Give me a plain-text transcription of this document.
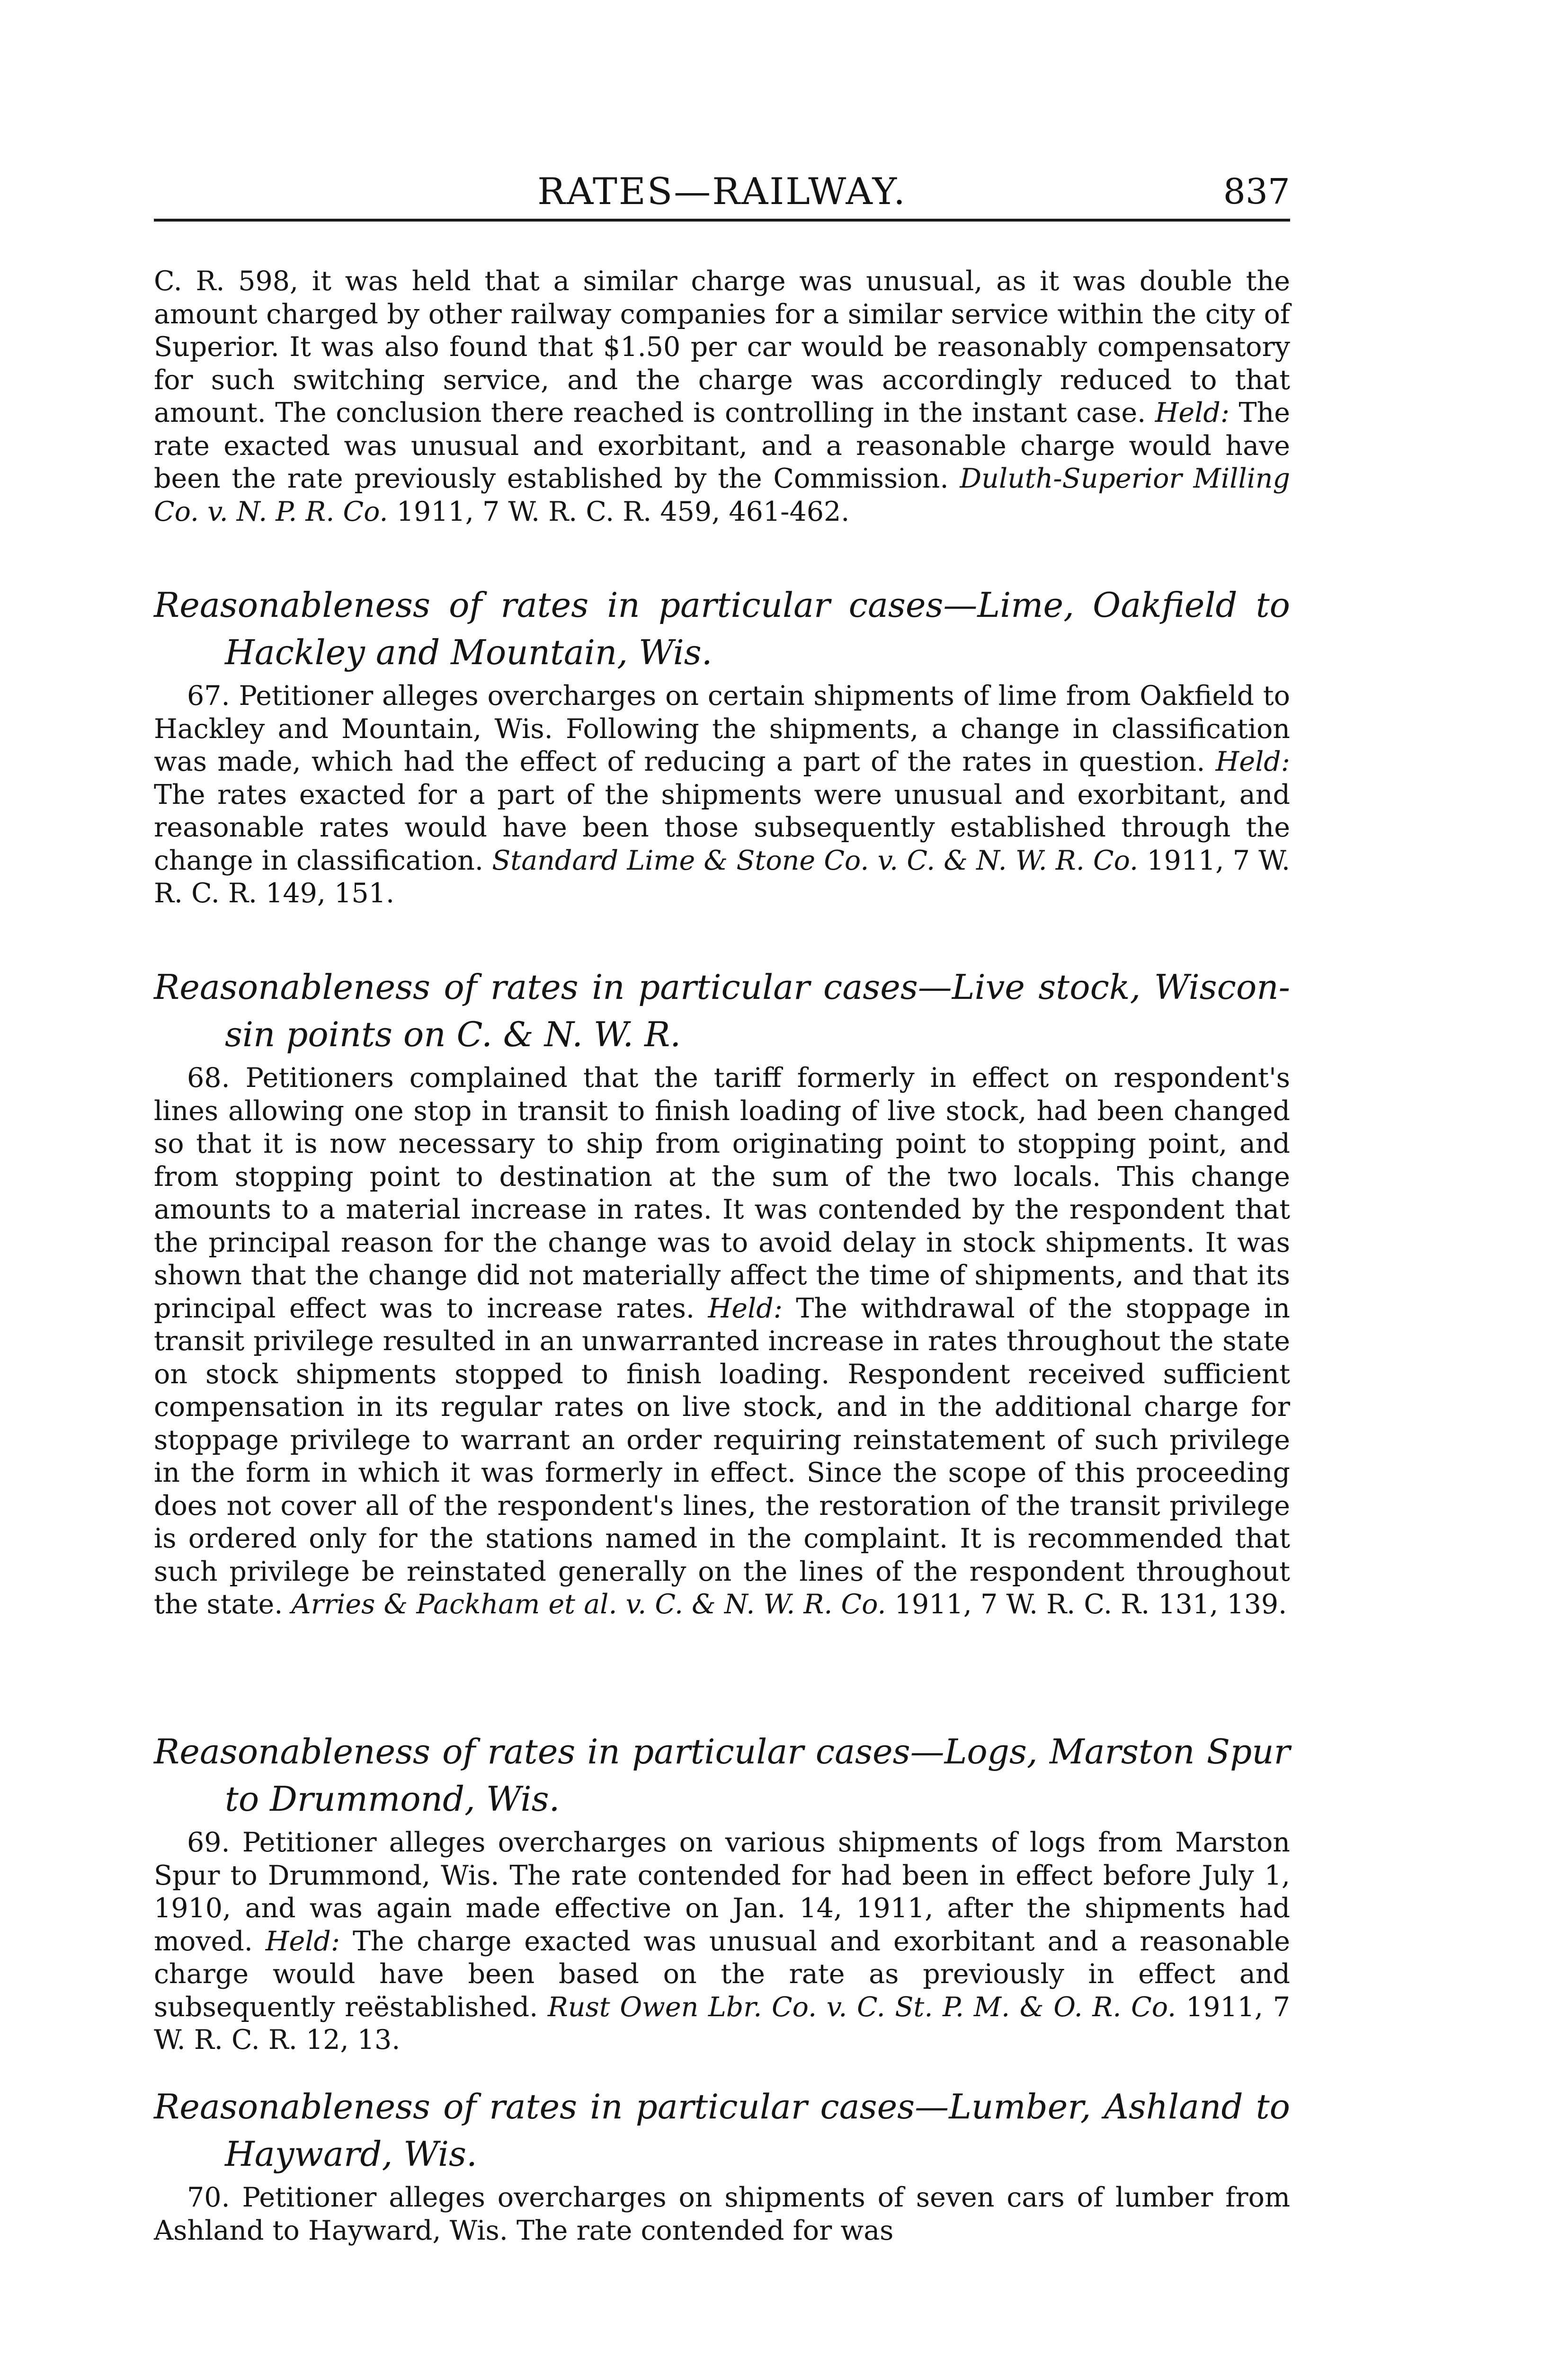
RATES—RAILWAY.	837

C. R. 598, it was held that a similar charge was unusual, as it was double the amount charged by other railway companies for a similar service within the city of Superior. It was also found that $1.50 per car would be reasonably compensatory for such switching service, and the charge was accordingly reduced to that amount. The conclusion there reached is controlling in the instant case. Held: The rate exacted was unusual and exorbitant, and a reasonable charge would have been the rate previously established by the Commission. Duluth-Superior Milling Co. v. N. P. R. Co. 1911, 7 W. R. C. R. 459, 461-462.

Reasonableness of rates in particular cases—Lime, Oakfield to

Hackley and Mountain, Wis.

67. Petitioner alleges overcharges on certain shipments of lime from Oakfield to Hackley and Mountain, Wis. Following the shipments, a change in classification was made, which had the effect of reducing a part of the rates in question. Held: The rates exacted for a part of the shipments were unusual and exorbitant, and reasonable rates would have been those subsequently established through the change in classification. Standard Lime & Stone Co. v. C. & N. W. R. Co. 1911, 7 W. R. C. R. 149, 151.

Reasonableness of rates in particular cases—Live stock, Wiscon-

sin points on C. & N. W. R.

68. Petitioners complained that the tariff formerly in effect on respondent's lines allowing one stop in transit to finish loading of live stock, had been changed so that it is now necessary to ship from originating point to stopping point, and from stopping point to destination at the sum of the two locals. This change amounts to a material increase in rates. It was contended by the respondent that the principal reason for the change was to avoid delay in stock shipments. It was shown that the change did not materially affect the time of shipments, and that its principal effect was to increase rates. Held: The withdrawal of the stoppage in transit privilege resulted in an unwarranted increase in rates throughout the state on stock shipments stopped to finish loading. Respondent received sufficient compensation in its regular rates on live stock, and in the additional charge for stoppage privilege to warrant an order requiring reinstatement of such privilege in the form in which it was formerly in effect. Since the scope of this proceeding does not cover all of the respondent's lines, the restoration of the transit privilege is ordered only for the stations named in the complaint. It is recommended that such privilege be reinstated generally on the lines of the respondent throughout the state. Arries & Packham et al. v. C. & N. W. R. Co. 1911, 7 W. R. C. R. 131, 139.

Reasonableness of rates in particular cases—Logs, Marston Spur

to Drummond, Wis.

69. Petitioner alleges overcharges on various shipments of logs from Marston Spur to Drummond, Wis. The rate contended for had been in effect before July 1, 1910, and was again made effective on Jan. 14, 1911, after the shipments had moved. Held: The charge exacted was unusual and exorbitant and a reasonable charge would have been based on the rate as previously in effect and subsequently reëstablished. Rust Owen Lbr. Co. v. C. St. P. M. & O. R. Co. 1911, 7 W. R. C. R. 12, 13.

Reasonableness of rates in particular cases—Lumber, Ashland to

Hayward, Wis.

70. Petitioner alleges overcharges on shipments of seven cars of lumber from Ashland to Hayward, Wis. The rate contended for was
